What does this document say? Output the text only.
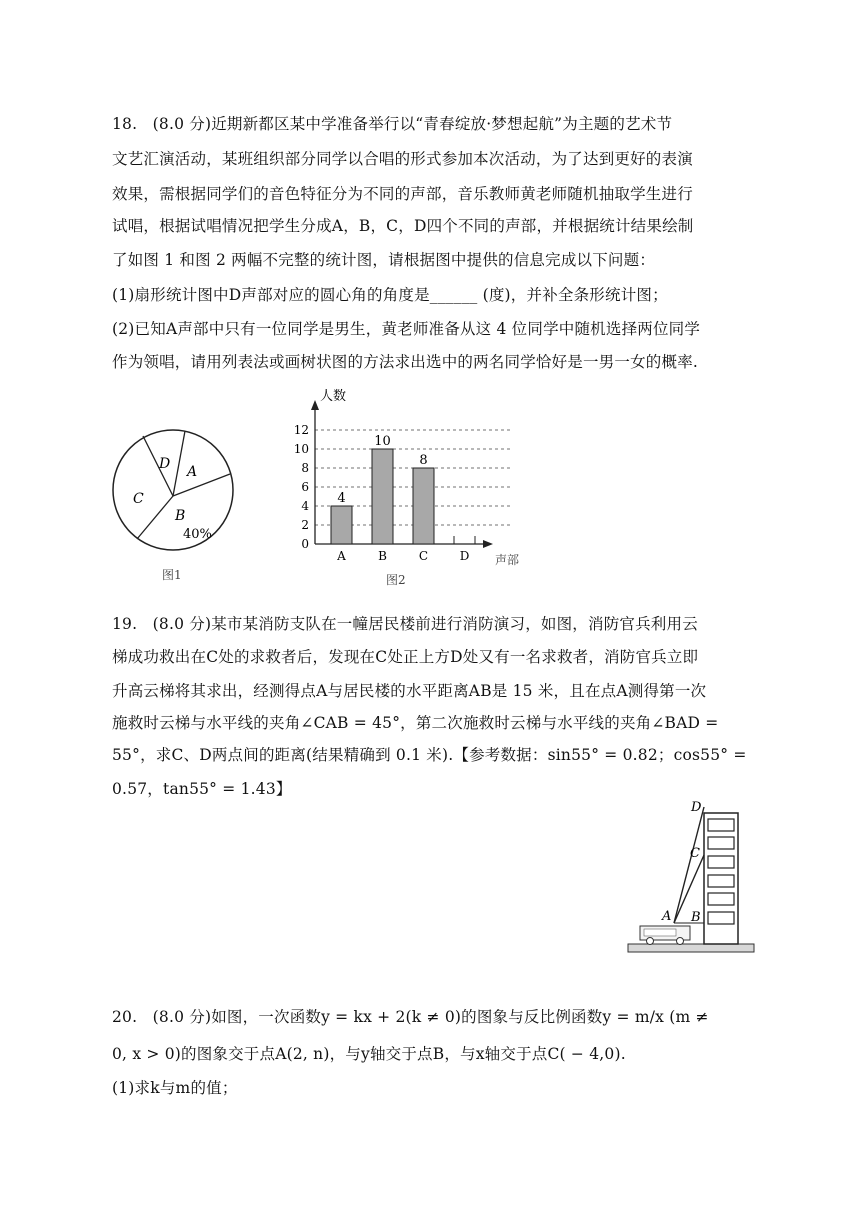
18.   (8.0 分)近期新都区某中学准备举行以“青春绽放·梦想起航”为主题的艺术节
文艺汇演活动，某班组织部分同学以合唱的形式参加本次活动，为了达到更好的表演
效果，需根据同学们的音色特征分为不同的声部，音乐教师黄老师随机抽取学生进行
试唱，根据试唱情况把学生分成A，B，C，D四个不同的声部，并根据统计结果绘制
了如图 1 和图 2 两幅不完整的统计图，请根据图中提供的信息完成以下问题：
(1)扇形统计图中D声部对应的圆心角的角度是______ (度)，并补全条形统计图；
(2)已知A声部中只有一位同学是男生，黄老师准备从这 4 位同学中随机选择两位同学
作为领唱，请用列表法或画树状图的方法求出选中的两名同学恰好是一男一女的概率.
D A
C
B
40%
图1
0
2
4
6
8
10
12
4
A
10
B
8
C	D
人数
声部
图2
19.   (8.0 分)某市某消防支队在一幢居民楼前进行消防演习，如图，消防官兵利用云
梯成功救出在C处的求救者后，发现在C处正上方D处又有一名求救者，消防官兵立即
升高云梯将其求出，经测得点A与居民楼的水平距离AB是 15 米，且在点A测得第一次
施救时云梯与水平线的夹角∠CAB = 45°，第二次施救时云梯与水平线的夹角∠BAD =
55°，求C、D两点间的距离(结果精确到 0.1 米).【参考数据：sin55° = 0.82；cos55° =
0.57，tan55° = 1.43】
D
C
A B
20.   (8.0 分)如图，一次函数y = kx + 2(k ≠ 0)的图象与反比例函数y = m/x (m ≠
0, x > 0)的图象交于点A(2, n)，与y轴交于点B，与x轴交于点C( − 4,0).
(1)求k与m的值；
